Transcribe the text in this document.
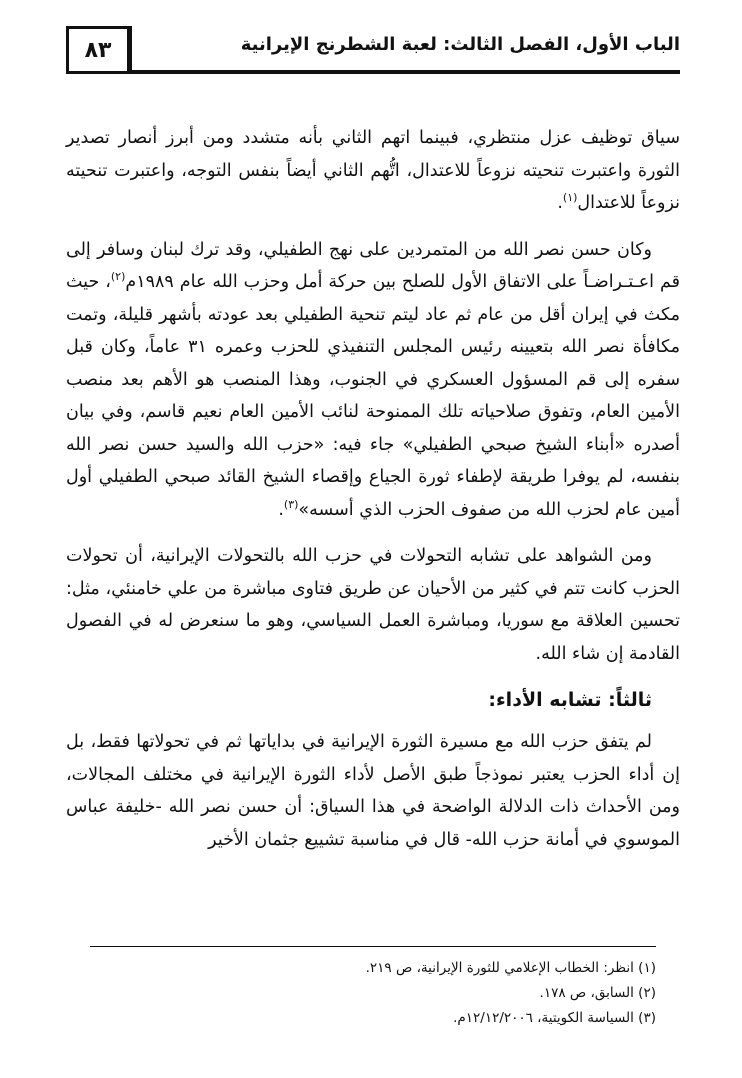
الباب الأول، الفصل الثالث: لعبة الشطرنج الإيرانية
٨٣

سياق توظيف عزل منتظري، فبينما اتهم الثاني بأنه متشدد ومن أبرز أنصار تصدير الثورة واعتبرت تنحيته نزوعاً للاعتدال، اتُّهم الثاني أيضاً بنفس التوجه، واعتبرت تنحيته نزوعاً للاعتدال$^{(١)}$.

وكان حسن نصر الله من المتمردين على نهج الطفيلي، وقد ترك لبنان وسافر إلى قم اعـتـراضـاً على الاتفاق الأول للصلح بين حركة أمل وحزب الله عام ١٩٨٩م$^{(٢)}$، حيث مكث في إيران أقل من عام ثم عاد ليتم تنحية الطفيلي بعد عودته بأشهر قليلة، وتمت مكافأة نصر الله بتعيينه رئيس المجلس التنفيذي للحزب وعمره ٣١ عاماً، وكان قبل سفره إلى قم المسؤول العسكري في الجنوب، وهذا المنصب هو الأهم بعد منصب الأمين العام، وتفوق صلاحياته تلك الممنوحة لنائب الأمين العام نعيم قاسم، وفي بيان أصدره «أبناء الشيخ صبحي الطفيلي» جاء فيه: «حزب الله والسيد حسن نصر الله بنفسه، لم يوفرا طريقة لإطفاء ثورة الجياع وإقصاء الشيخ القائد صبحي الطفيلي أول أمين عام لحزب الله من صفوف الحزب الذي أسسه»$^{(٣)}$.

ومن الشواهد على تشابه التحولات في حزب الله بالتحولات الإيرانية، أن تحولات الحزب كانت تتم في كثير من الأحيان عن طريق فتاوى مباشرة من علي خامنئي، مثل: تحسين العلاقة مع سوريا، ومباشرة العمل السياسي، وهو ما سنعرض له في الفصول القادمة إن شاء الله.

ثالثاً: تشابه الأداء:

لم يتفق حزب الله مع مسيرة الثورة الإيرانية في بداياتها ثم في تحولاتها فقط، بل إن أداء الحزب يعتبر نموذجاً طبق الأصل لأداء الثورة الإيرانية في مختلف المجالات، ومن الأحداث ذات الدلالة الواضحة في هذا السياق: أن حسن نصر الله -خليفة عباس الموسوي في أمانة حزب الله- قال في مناسبة تشييع جثمان الأخير

(١) انظر: الخطاب الإعلامي للثورة الإيرانية، ص ٢١٩.
(٢) السابق، ص ١٧٨.
(٣) السياسة الكويتية، ١٢/١٢/٢٠٠٦م.
